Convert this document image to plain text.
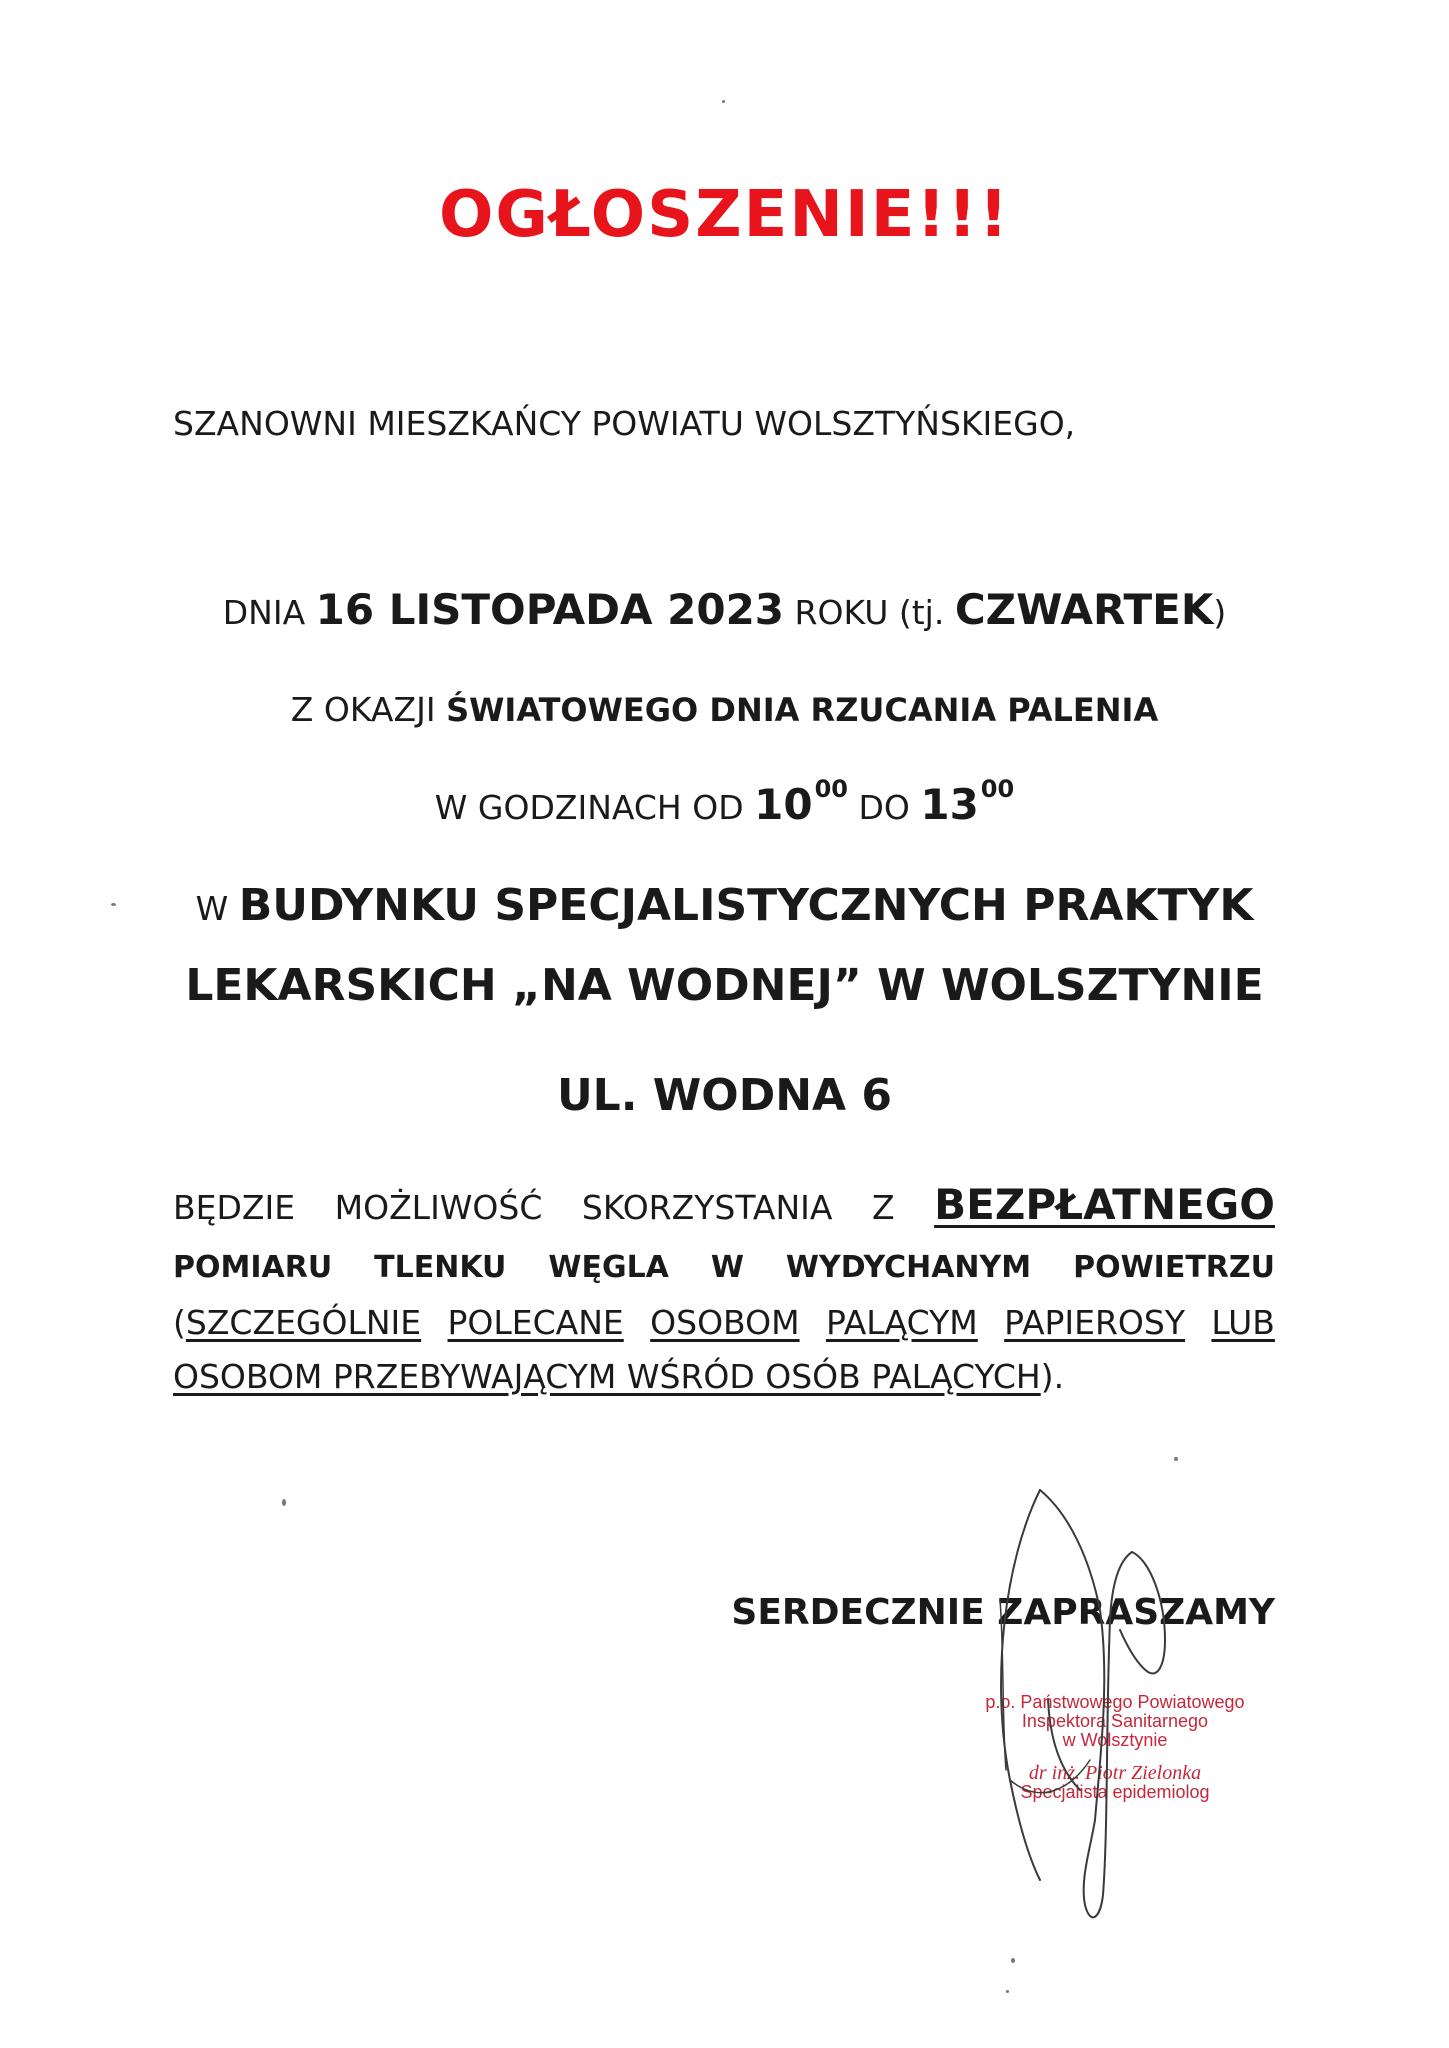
OGŁOSZENIE!!!
SZANOWNI MIESZKAŃCY POWIATU WOLSZTYŃSKIEGO,
DNIA 16 LISTOPADA 2023 ROKU (tj. CZWARTEK)
Z OKAZJI ŚWIATOWEGO DNIA RZUCANIA PALENIA
W GODZINACH OD $10^{00}$ DO $13^{00}$
W BUDYNKU SPECJALISTYCZNYCH PRAKTYK
LEKARSKICH „NA WODNEJ” W WOLSZTYNIE
UL. WODNA 6
BĘDZIE MOŻLIWOŚĆ SKORZYSTANIA Z BEZPŁATNEGO
POMIARU TLENKU WĘGLA W WYDYCHANYM POWIETRZU
(SZCZEGÓLNIE POLECANE OSOBOM PALĄCYM PAPIEROSY LUB
OSOBOM PRZEBYWAJĄCYM WŚRÓD OSÓB PALĄCYCH).
SERDECZNIE ZAPRASZAMY
p.o. Państwowego Powiatowego
Inspektora Sanitarnego
w Wolsztynie
dr inż. Piotr Zielonka
Specjalista epidemiolog
